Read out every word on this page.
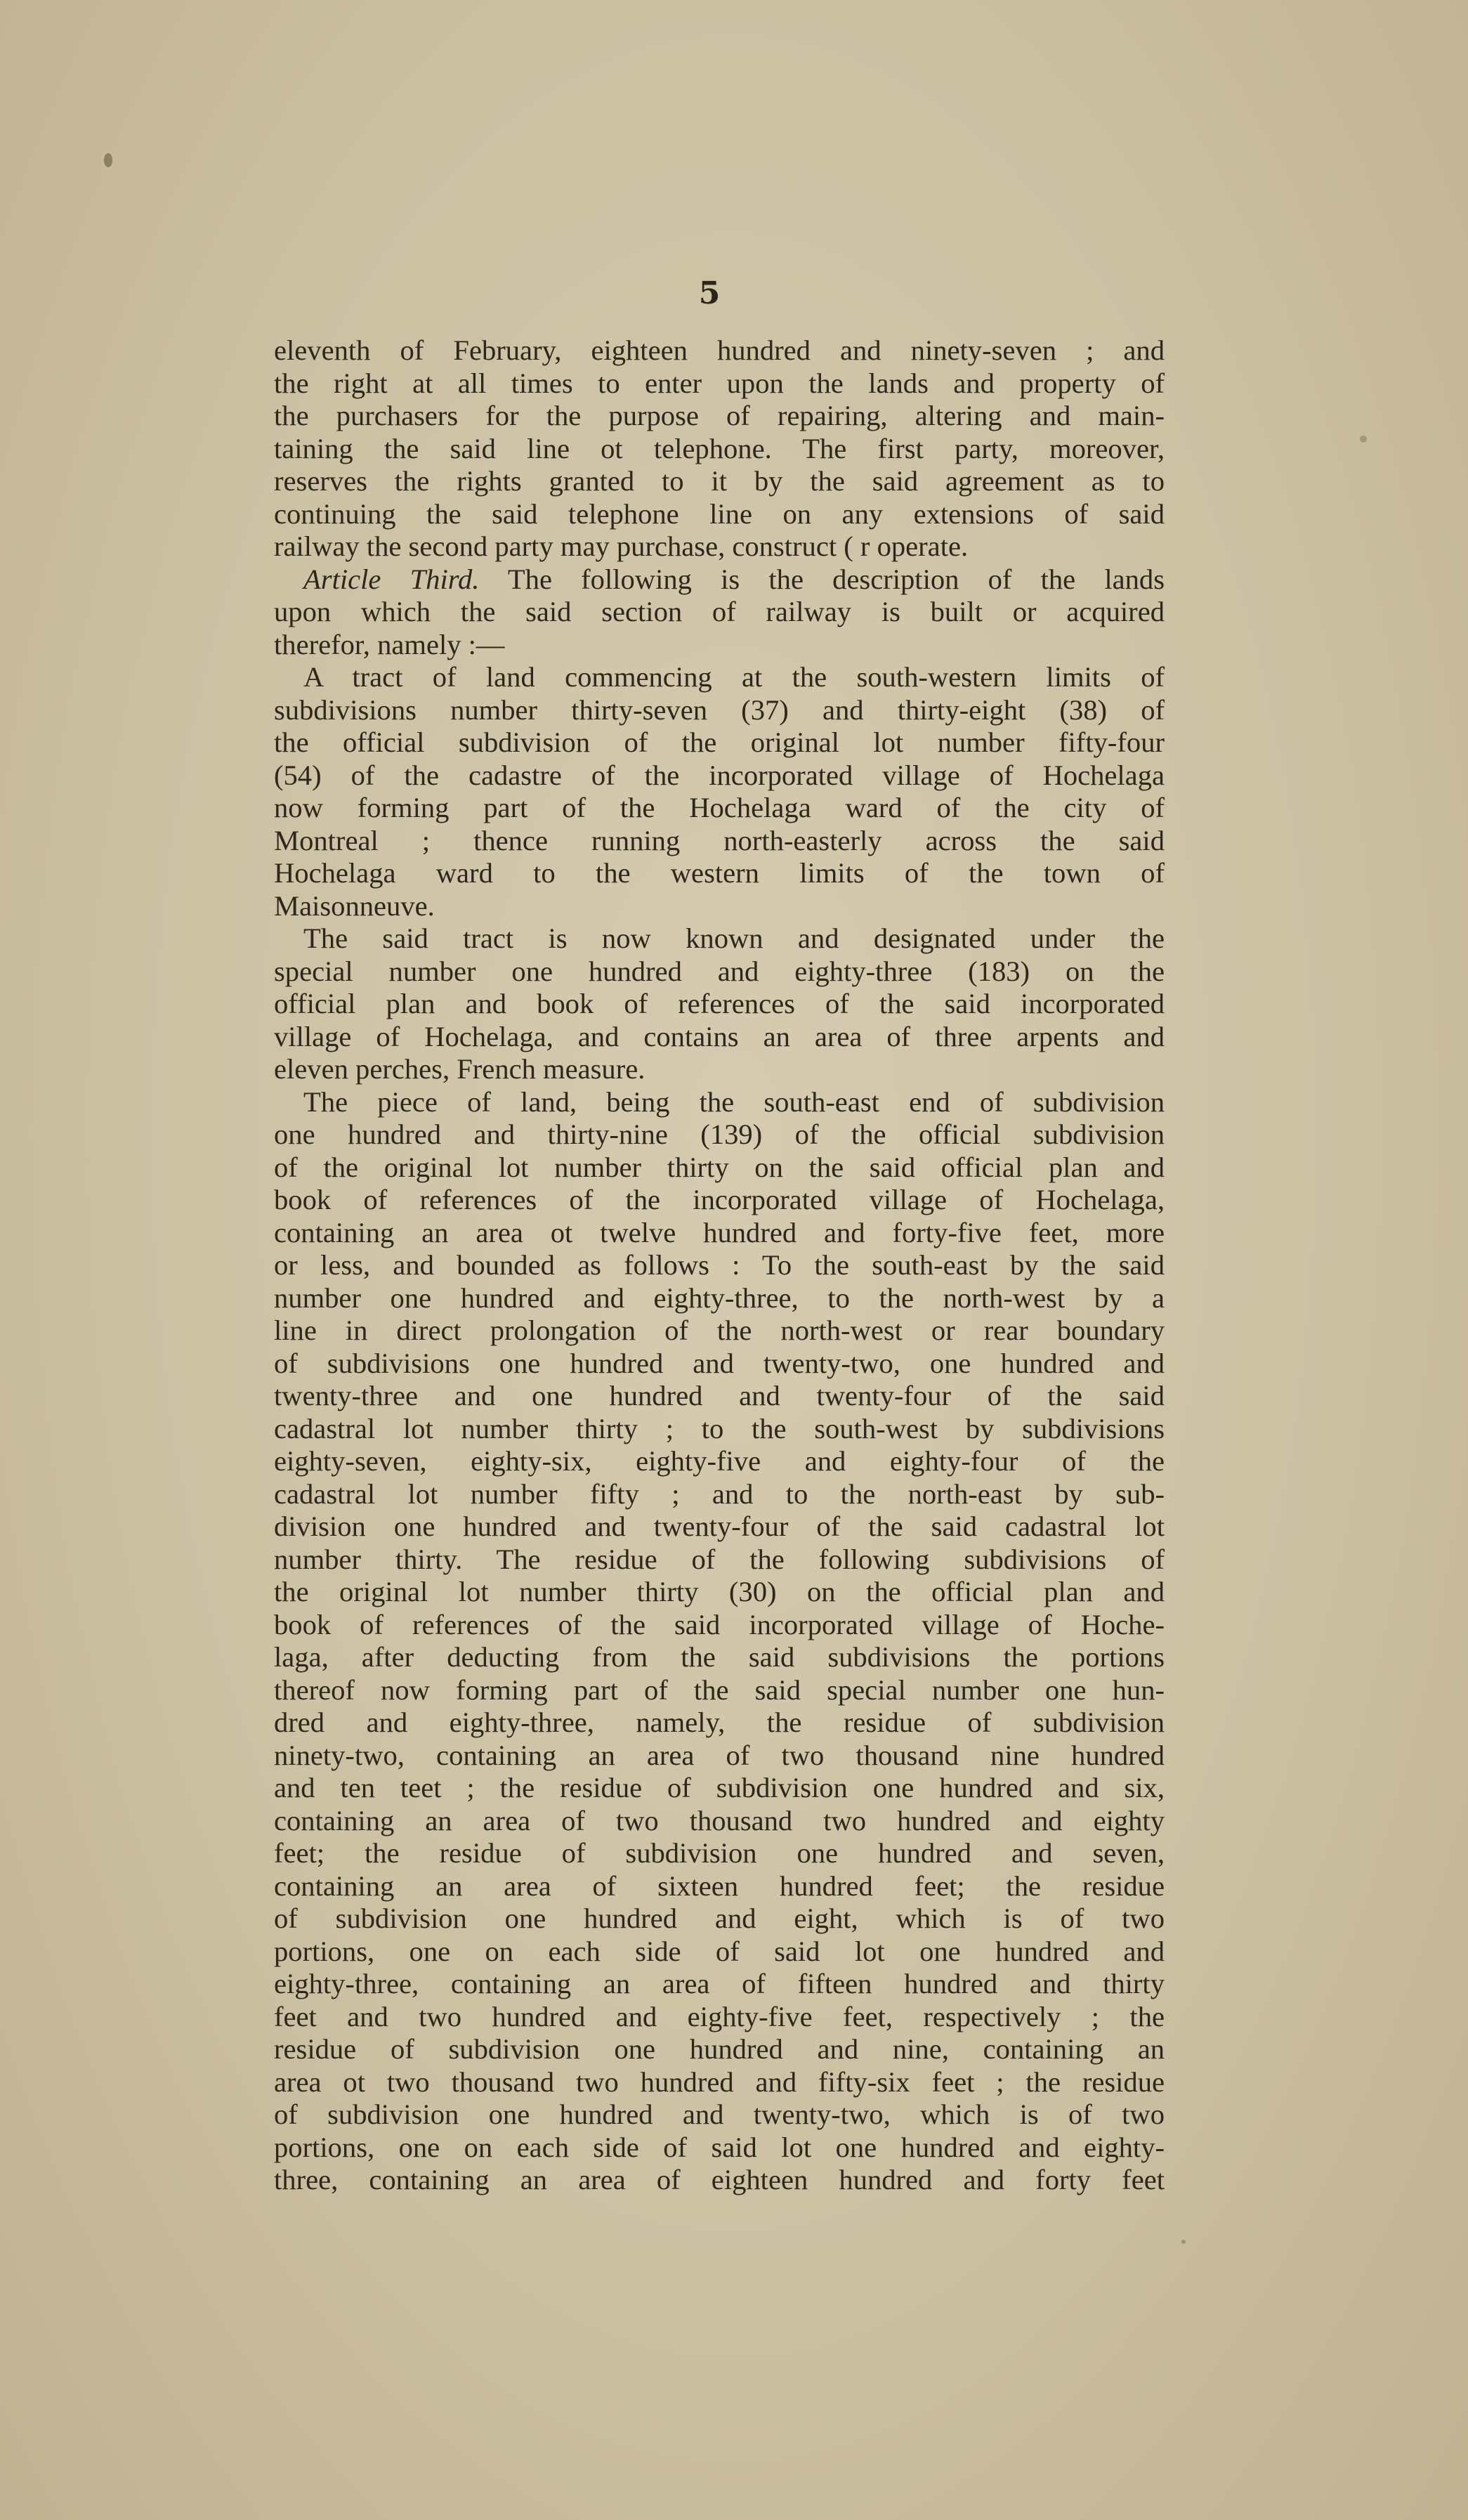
5
eleventh of February, eighteen hundred and ninety-seven ; and
the right at all times to enter upon the lands and property of
the purchasers for the purpose of repairing, altering and main-
taining the said line ot telephone. The first party, moreover,
reserves the rights granted to it by the said agreement as to
continuing the said telephone line on any extensions of said
railway the second party may purchase, construct ( r operate.
Article Third. The following is the description of the lands
upon which the said section of railway is built or acquired
therefor, namely :—
A tract of land commencing at the south-western limits of
subdivisions number thirty-seven (37) and thirty-eight (38) of
the official subdivision of the original lot number fifty-four
(54) of the cadastre of the incorporated village of Hochelaga
now forming part of the Hochelaga ward of the city of
Montreal ; thence running north-easterly across the said
Hochelaga ward to the western limits of the town of
Maisonneuve.
The said tract is now known and designated under the
special number one hundred and eighty-three (183) on the
official plan and book of references of the said incorporated
village of Hochelaga, and contains an area of three arpents and
eleven perches, French measure.
The piece of land, being the south-east end of subdivision
one hundred and thirty-nine (139) of the official subdivision
of the original lot number thirty on the said official plan and
book of references of the incorporated village of Hochelaga,
containing an area ot twelve hundred and forty-five feet, more
or less, and bounded as follows : To the south-east by the said
number one hundred and eighty-three, to the north-west by a
line in direct prolongation of the north-west or rear boundary
of subdivisions one hundred and twenty-two, one hundred and
twenty-three and one hundred and twenty-four of the said
cadastral lot number thirty ; to the south-west by subdivisions
eighty-seven, eighty-six, eighty-five and eighty-four of the
cadastral lot number fifty ; and to the north-east by sub-
division one hundred and twenty-four of the said cadastral lot
number thirty. The residue of the following subdivisions of
the original lot number thirty (30) on the official plan and
book of references of the said incorporated village of Hoche-
laga, after deducting from the said subdivisions the portions
thereof now forming part of the said special number one hun-
dred and eighty-three, namely, the residue of subdivision
ninety-two, containing an area of two thousand nine hundred
and ten teet ; the residue of subdivision one hundred and six,
containing an area of two thousand two hundred and eighty
feet; the residue of subdivision one hundred and seven,
containing an area of sixteen hundred feet; the residue
of subdivision one hundred and eight, which is of two
portions, one on each side of said lot one hundred and
eighty-three, containing an area of fifteen hundred and thirty
feet and two hundred and eighty-five feet, respectively ; the
residue of subdivision one hundred and nine, containing an
area ot two thousand two hundred and fifty-six feet ; the residue
of subdivision one hundred and twenty-two, which is of two
portions, one on each side of said lot one hundred and eighty-
three, containing an area of eighteen hundred and forty feet
